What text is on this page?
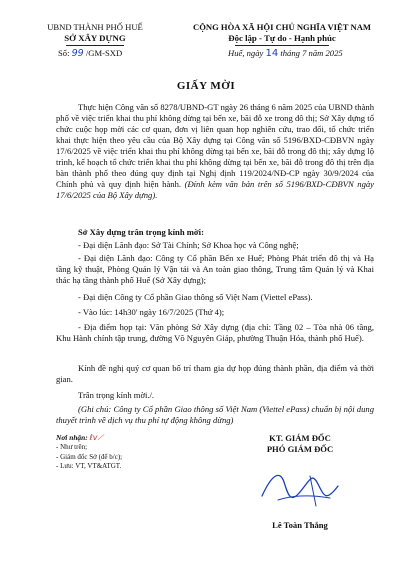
UBND THÀNH PHỐ HUẾ
SỞ XÂY DỰNG
Số: 99 /GM-SXD
CỘNG HÒA XÃ HỘI CHỦ NGHĨA VIỆT NAM
Độc lập - Tự do - Hạnh phúc
Huế, ngày 14 tháng 7 năm 2025
GIẤY MỜI
Thực hiện Công văn số 8278/UBND-GT ngày 26 tháng 6 năm 2025 của UBND thành phố về việc triển khai thu phí không dừng tại bến xe, bãi đỗ xe trong đô thị; Sở Xây dựng tổ chức cuộc họp mời các cơ quan, đơn vị liên quan họp nghiên cứu, trao đổi, tổ chức triển khai thực hiện theo yêu cầu của Bộ Xây dựng tại Công văn số 5196/BXD-CĐBVN ngày 17/6/2025 về việc triển khai thu phí không dừng tại bến xe, bãi đỗ trong đô thị; xây dựng lộ trình, kế hoạch tổ chức triển khai thu phí không dừng tại bến xe, bãi đỗ trong đô thị trên địa bàn thành phố theo đúng quy định tại Nghị định 119/2024/NĐ-CP ngày 30/9/2024 của Chính phủ và quy định hiện hành. (Đính kèm văn bản trên số 5196/BXD-CĐBVN ngày 17/6/2025 của Bộ Xây dựng).
Sở Xây dựng trân trọng kính mời:
- Đại diện Lãnh đạo: Sở Tài Chính; Sở Khoa học và Công nghệ;
- Đại diện Lãnh đạo: Công ty Cổ phần Bến xe Huế; Phòng Phát triển đô thị và Hạ tầng kỹ thuật, Phòng Quản lý Vận tải và An toàn giao thông, Trung tâm Quản lý và Khai thác hạ tầng thành phố Huế (Sở Xây dựng);
- Đại diện Công ty Cổ phần Giao thông số Việt Nam (Viettel ePass).
- Vào lúc: 14h30' ngày 16/7/2025 (Thứ 4);
- Địa điểm họp tại: Văn phòng Sở Xây dựng (địa chỉ: Tầng 02 – Tòa nhà 06 tầng, Khu Hành chính tập trung, đường Võ Nguyên Giáp, phường Thuận Hóa, thành phố Huế).
Kính đề nghị quý cơ quan bố trí tham gia dự họp đúng thành phần, địa điểm và thời gian.
Trân trọng kính mời./.
(Ghi chú: Công ty Cổ phần Giao thông số Việt Nam (Viettel ePass) chuẩn bị nội dung thuyết trình về dịch vụ thu phí tự động không dừng)
Nơi nhận: ℓv⟋
- Như trên;
- Giám đốc Sở (để b/c);
- Lưu: VT, VT&ATGT.
KT. GIÁM ĐỐC
PHÓ GIÁM ĐỐC
Lê Toàn Thắng
